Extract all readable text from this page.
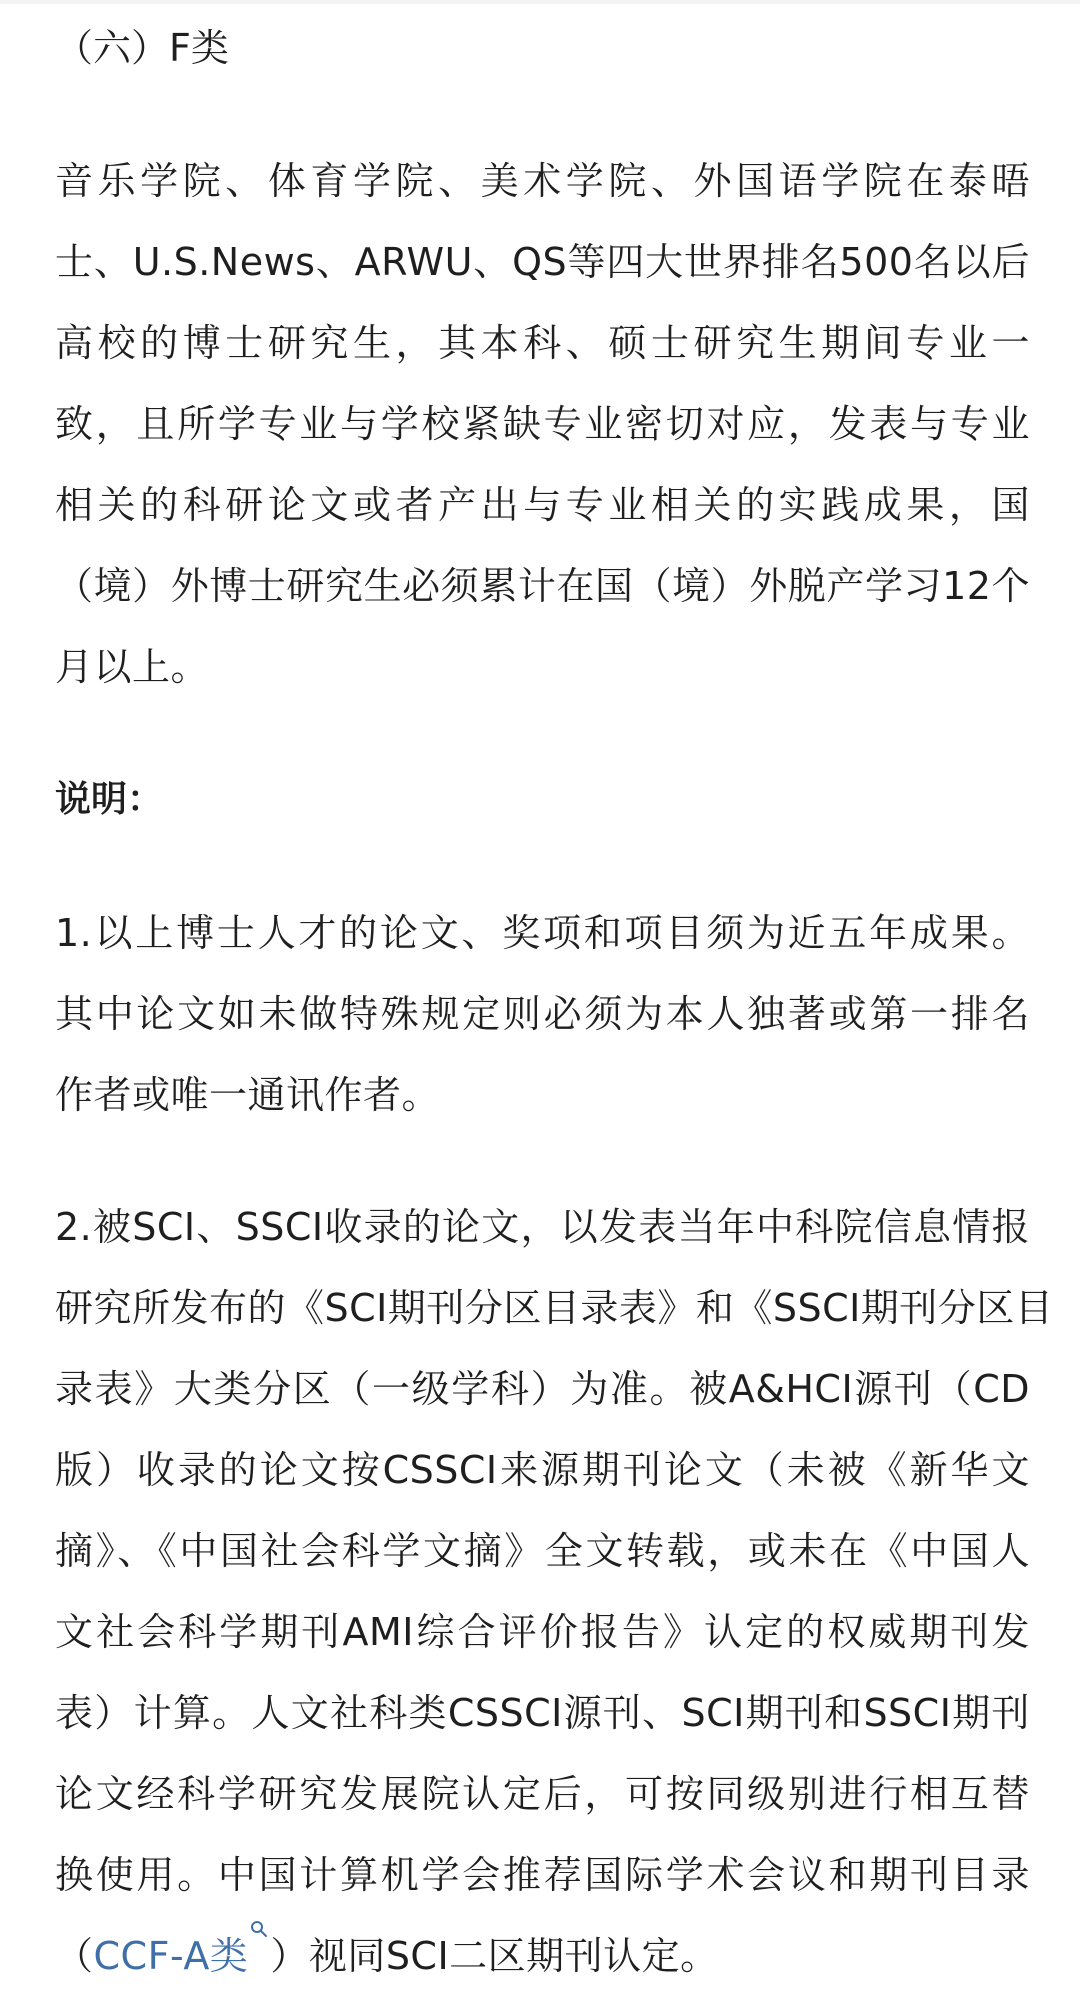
（六）F类
音乐学院、体育学院、美术学院、外国语学院在泰晤
士、U.S.News、ARWU、QS等四大世界排名500名以后
高校的博士研究生，其本科、硕士研究生期间专业一
致，且所学专业与学校紧缺专业密切对应，发表与专业
相关的科研论文或者产出与专业相关的实践成果，国
（境）外博士研究生必须累计在国（境）外脱产学习12个
月以上。
说明：
1.以上博士人才的论文、奖项和项目须为近五年成果。
其中论文如未做特殊规定则必须为本人独著或第一排名
作者或唯一通讯作者。
2.被SCI、SSCI收录的论文，以发表当年中科院信息情报
研究所发布的《SCI期刊分区目录表》和《SSCI期刊分区目
录表》大类分区（一级学科）为准。被A&HCI源刊（CD
版）收录的论文按CSSCI来源期刊论文（未被《新华文
摘》、《中国社会科学文摘》全文转载，或未在《中国人
文社会科学期刊AMI综合评价报告》认定的权威期刊发
表）计算。人文社科类CSSCI源刊、SCI期刊和SSCI期刊
论文经科学研究发展院认定后，可按同级别进行相互替
换使用。中国计算机学会推荐国际学术会议和期刊目录
（CCF-A类 ）视同SCI二区期刊认定。
